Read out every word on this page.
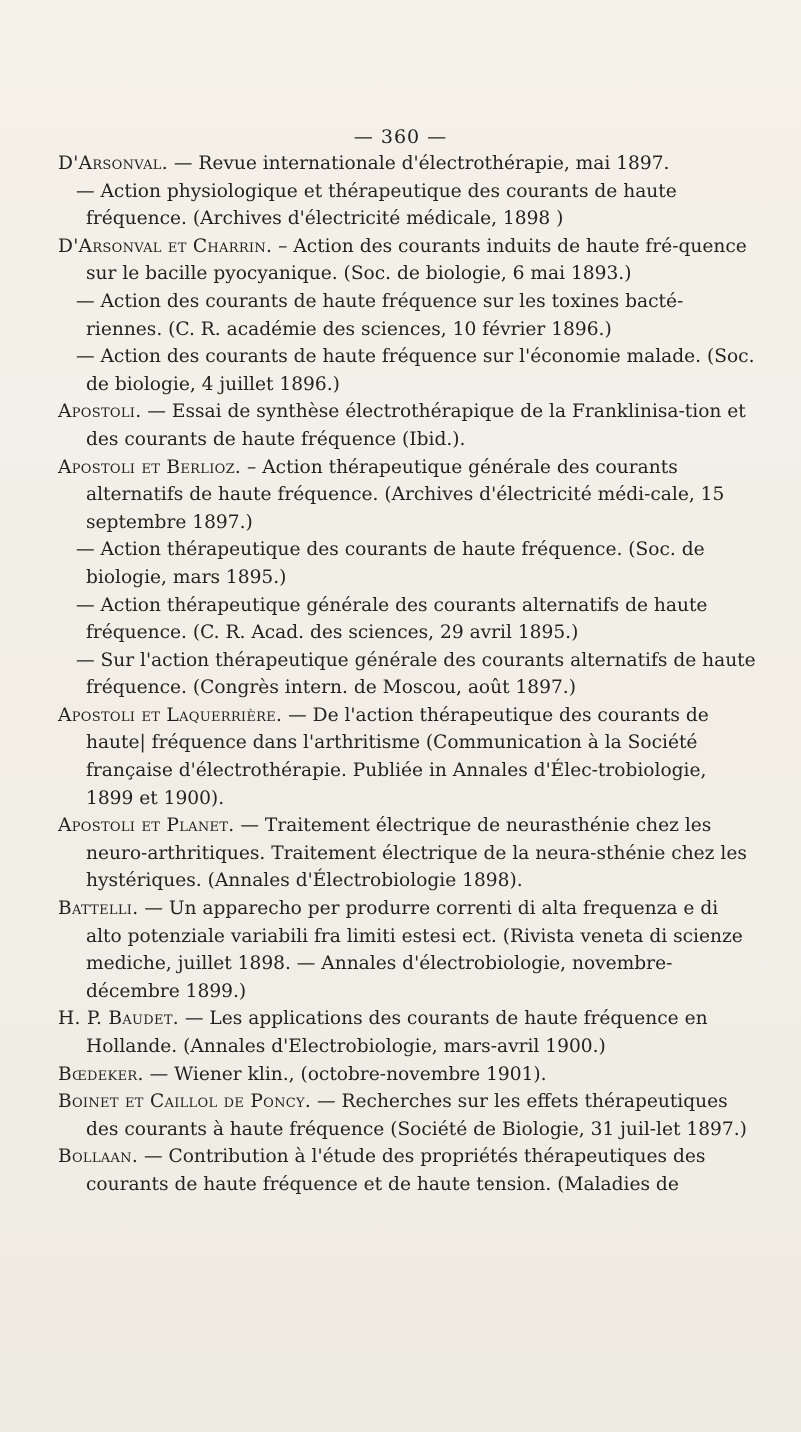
— 360 —

D'Arsonval. — Revue internationale d'électrothérapie, mai 1897.

— Action physiologique et thérapeutique des courants de haute fréquence. (Archives d'électricité médicale, 1898 )

D'Arsonval et Charrin. – Action des courants induits de haute fré-quence sur le bacille pyocyanique. (Soc. de biologie, 6 mai 1893.)

— Action des courants de haute fréquence sur les toxines bacté-riennes. (C. R. académie des sciences, 10 février 1896.)

— Action des courants de haute fréquence sur l'économie malade. (Soc. de biologie, 4 juillet 1896.)

Apostoli. — Essai de synthèse électrothérapique de la Franklinisa-tion et des courants de haute fréquence (Ibid.).

Apostoli et Berlioz. – Action thérapeutique générale des courants alternatifs de haute fréquence. (Archives d'électricité médi-cale, 15 septembre 1897.)

— Action thérapeutique des courants de haute fréquence. (Soc. de biologie, mars 1895.)

— Action thérapeutique générale des courants alternatifs de haute fréquence. (C. R. Acad. des sciences, 29 avril 1895.)

— Sur l'action thérapeutique générale des courants alternatifs de haute fréquence. (Congrès intern. de Moscou, août 1897.)

Apostoli et Laquerrière. — De l'action thérapeutique des courants de haute| fréquence dans l'arthritisme (Communication à la Société française d'électrothérapie. Publiée in Annales d'Élec-trobiologie, 1899 et 1900).

Apostoli et Planet. — Traitement électrique de neurasthénie chez les neuro-arthritiques. Traitement électrique de la neura-sthénie chez les hystériques. (Annales d'Électrobiologie 1898).

Battelli. — Un apparecho per produrre correnti di alta frequenza e di alto potenziale variabili fra limiti estesi ect. (Rivista veneta di scienze mediche, juillet 1898. — Annales d'électrobiologie, novembre-décembre 1899.)

H. P. Baudet. — Les applications des courants de haute fréquence en Hollande. (Annales d'Electrobiologie, mars-avril 1900.)

Bœdeker. — Wiener klin., (octobre-novembre 1901).

Boinet et Caillol de Poncy. — Recherches sur les effets thérapeutiques des courants à haute fréquence (Société de Biologie, 31 juil-let 1897.)

Bollaan. — Contribution à l'étude des propriétés thérapeutiques des courants de haute fréquence et de haute tension. (Maladies de
